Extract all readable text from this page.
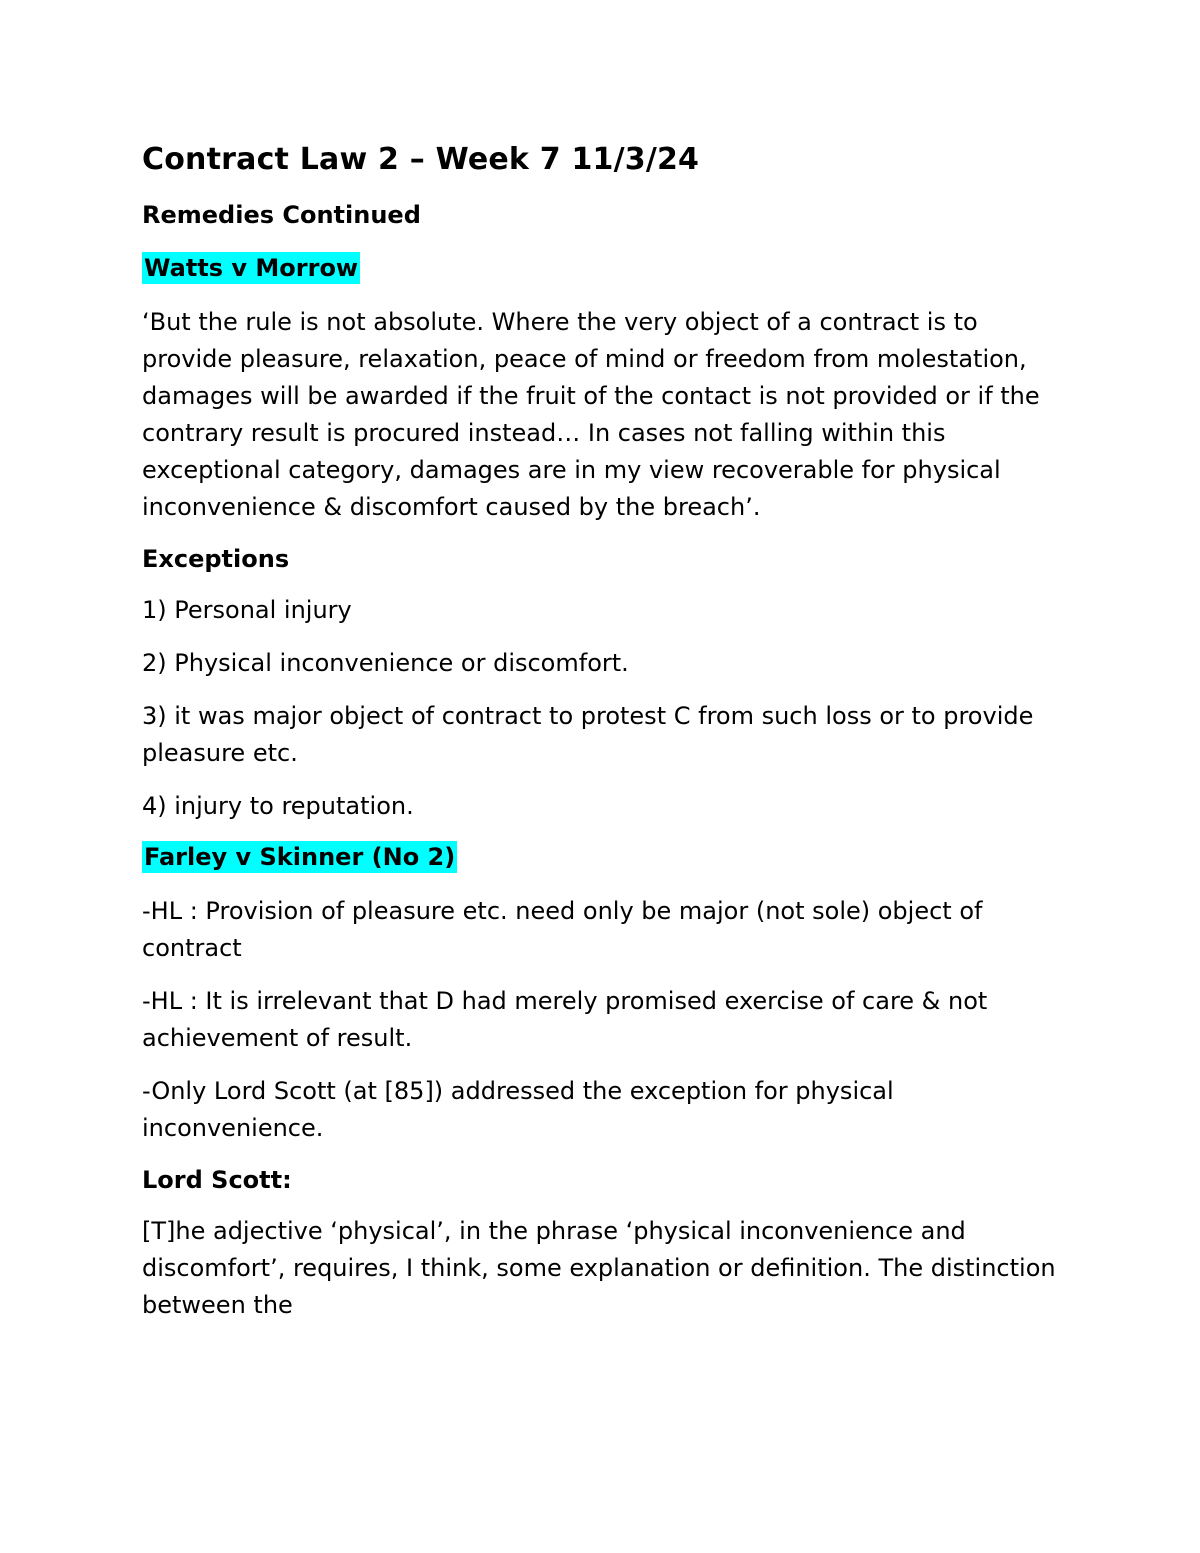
Contract Law 2 – Week 7 11/3/24
Remedies Continued
Watts v Morrow
‘But the rule is not absolute. Where the very object of a contract is to provide pleasure, relaxation, peace of mind or freedom from molestation, damages will be awarded if the fruit of the contact is not provided or if the contrary result is procured instead… In cases not falling within this exceptional category, damages are in my view recoverable for physical inconvenience & discomfort caused by the breach’.
Exceptions
1) Personal injury
2) Physical inconvenience or discomfort.
3) it was major object of contract to protest C from such loss or to provide pleasure etc.
4) injury to reputation.
Farley v Skinner (No 2)
-HL : Provision of pleasure etc. need only be major (not sole) object of contract
-HL : It is irrelevant that D had merely promised exercise of care & not achievement of result.
-Only Lord Scott (at [85]) addressed the exception for physical inconvenience.
Lord Scott:
[T]he adjective ‘physical’, in the phrase ‘physical inconvenience and discomfort’, requires, I think, some explanation or definition. The distinction between the
